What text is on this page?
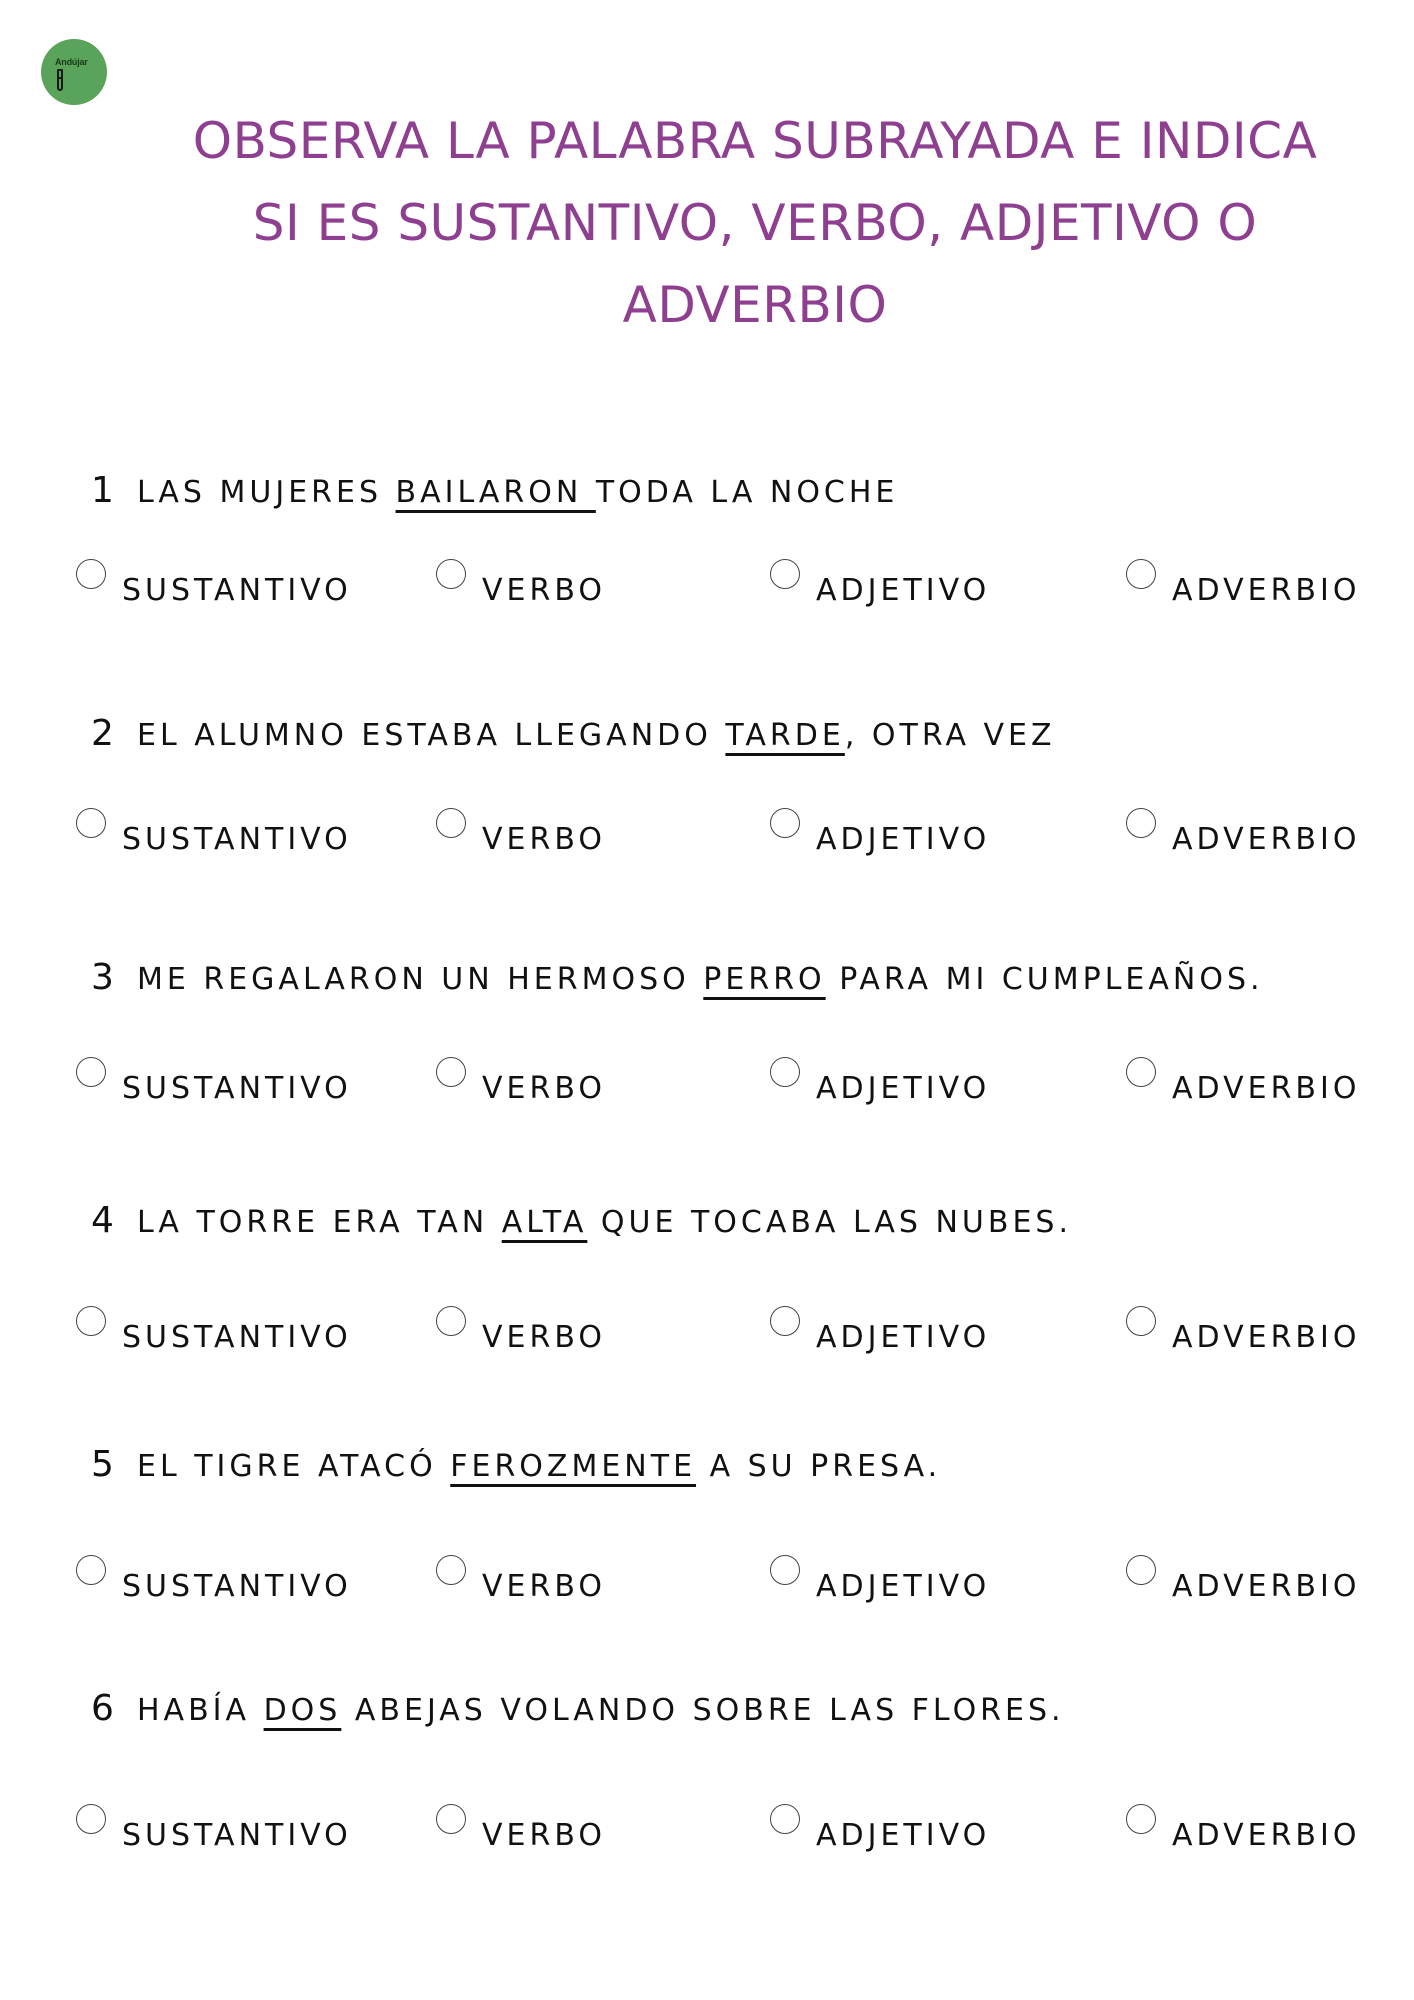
Andújar
OBSERVA LA PALABRA SUBRAYADA E INDICA SI ES SUSTANTIVO, VERBO, ADJETIVO O ADVERBIO
1 LAS MUJERES BAILARON TODA LA NOCHE
SUSTANTIVO	VERBO	ADJETIVO	ADVERBIO
2 EL ALUMNO ESTABA LLEGANDO TARDE, OTRA VEZ
SUSTANTIVO	VERBO	ADJETIVO	ADVERBIO
3 ME REGALARON UN HERMOSO PERRO PARA MI CUMPLEAÑOS.
SUSTANTIVO	VERBO	ADJETIVO	ADVERBIO
4 LA TORRE ERA TAN ALTA QUE TOCABA LAS NUBES.
SUSTANTIVO	VERBO	ADJETIVO	ADVERBIO
5 EL TIGRE ATACÓ FEROZMENTE A SU PRESA.
SUSTANTIVO	VERBO	ADJETIVO	ADVERBIO
6 HABÍA DOS ABEJAS VOLANDO SOBRE LAS FLORES.
SUSTANTIVO	VERBO	ADJETIVO	ADVERBIO
